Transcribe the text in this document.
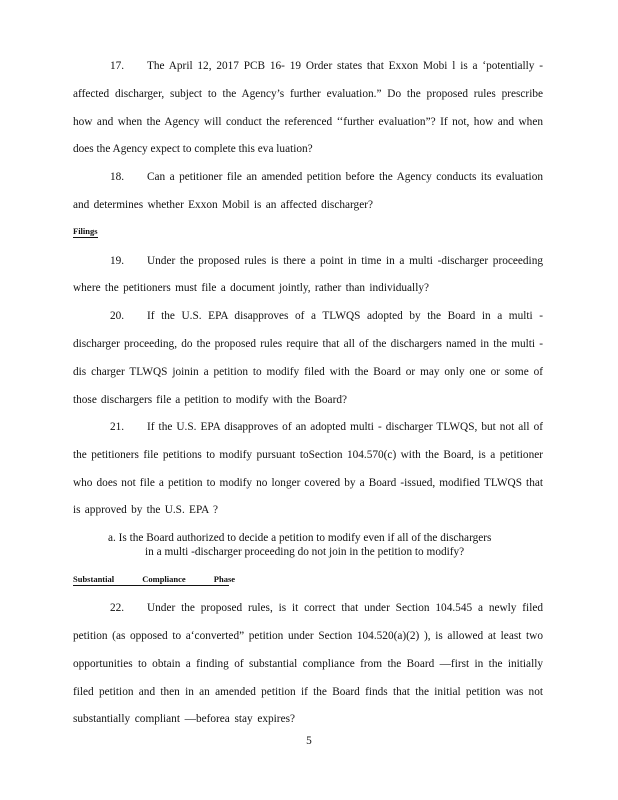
17. The April 12, 2017 PCB 16- 19 Order states that Exxon Mobi l is a ‘potentially -
affected discharger, subject to the Agency’s further evaluation.” Do the proposed rules prescribe
how and when the Agency will conduct the referenced ‘‘further evaluation”? If not, how and when
does the Agency expect to complete this eva luation?
18. Can a petitioner file an amended petition before the Agency conducts its evaluation
and determines whether Exxon Mobil is an affected discharger?
Filings
19. Under the proposed rules is there a point in time in a multi -discharger proceeding
where the petitioners must file a document jointly, rather than individually?
20. If the U.S. EPA disapproves of a TLWQS adopted by the Board in a multi -
discharger proceeding, do the proposed rules require that all of the dischargers named in the multi -
dis charger TLWQS joinin a petition to modify filed with the Board or may only one or some of
those dischargers file a petition to modify with the Board?
21. If the U.S. EPA disapproves of an adopted multi - discharger TLWQS, but not all of
the petitioners file petitions to modify pursuant toSection 104.570(c) with the Board, is a petitioner
who does not file a petition to modify no longer covered by a Board -issued, modified TLWQS that
is approved by the U.S. EPA ?
a. Is the Board authorized to decide a petition to modify even if all of the dischargers
in a multi -discharger proceeding do not join in the petition to modify?
Substantial Compliance Phase
22. Under the proposed rules, is it correct that under Section 104.545 a newly filed
petition (as opposed to a‘converted” petition under Section 104.520(a)(2) ), is allowed at least two
opportunities to obtain a finding of substantial compliance from the Board —first in the initially
filed petition and then in an amended petition if the Board finds that the initial petition was not
substantially compliant —beforea stay expires?
5
